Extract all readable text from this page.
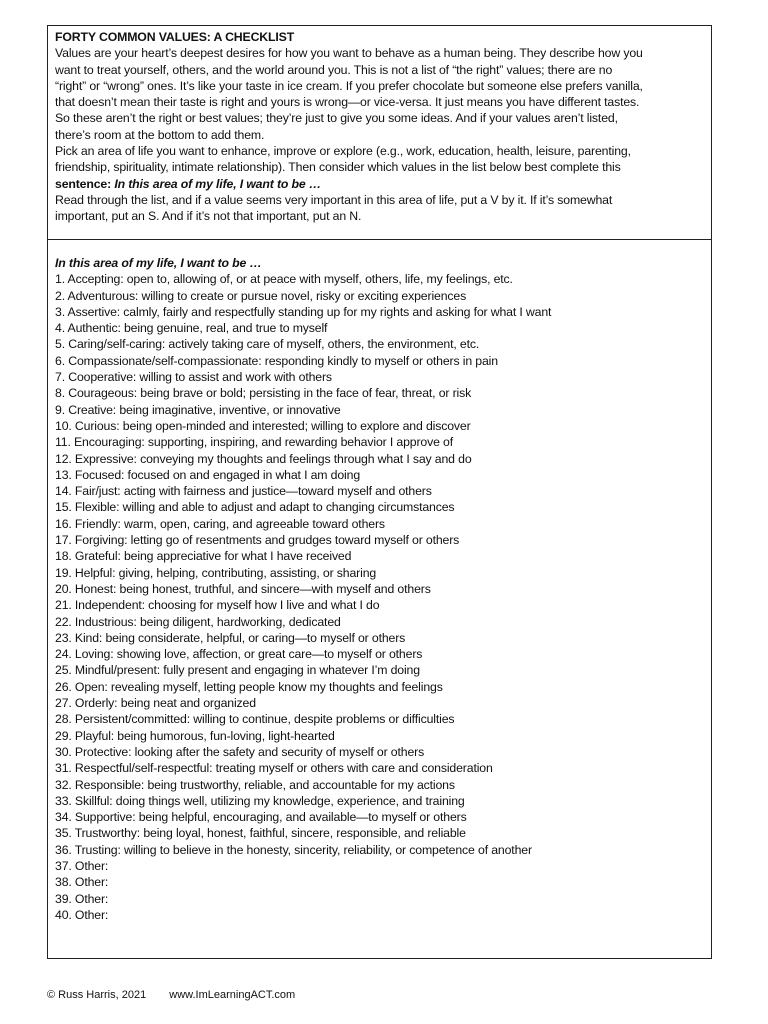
FORTY COMMON VALUES: A CHECKLIST
Values are your heart’s deepest desires for how you want to behave as a human being. They describe how you
want to treat yourself, others, and the world around you. This is not a list of “the right” values; there are no
“right” or “wrong” ones. It’s like your taste in ice cream. If you prefer chocolate but someone else prefers vanilla,
that doesn’t mean their taste is right and yours is wrong—or vice-versa. It just means you have different tastes.
So these aren’t the right or best values; they’re just to give you some ideas. And if your values aren’t listed,
there’s room at the bottom to add them.
Pick an area of life you want to enhance, improve or explore (e.g., work, education, health, leisure, parenting,
friendship, spirituality, intimate relationship). Then consider which values in the list below best complete this
sentence: In this area of my life, I want to be …
Read through the list, and if a value seems very important in this area of life, put a V by it. If it’s somewhat
important, put an S. And if it’s not that important, put an N.
In this area of my life, I want to be …
1. Accepting: open to, allowing of, or at peace with myself, others, life, my feelings, etc.
2. Adventurous: willing to create or pursue novel, risky or exciting experiences
3. Assertive: calmly, fairly and respectfully standing up for my rights and asking for what I want
4. Authentic: being genuine, real, and true to myself
5. Caring/self-caring: actively taking care of myself, others, the environment, etc.
6. Compassionate/self-compassionate: responding kindly to myself or others in pain
7. Cooperative: willing to assist and work with others
8. Courageous: being brave or bold; persisting in the face of fear, threat, or risk
9. Creative: being imaginative, inventive, or innovative
10. Curious: being open-minded and interested; willing to explore and discover
11. Encouraging: supporting, inspiring, and rewarding behavior I approve of
12. Expressive: conveying my thoughts and feelings through what I say and do
13. Focused: focused on and engaged in what I am doing
14. Fair/just: acting with fairness and justice—toward myself and others
15. Flexible: willing and able to adjust and adapt to changing circumstances
16. Friendly: warm, open, caring, and agreeable toward others
17. Forgiving: letting go of resentments and grudges toward myself or others
18. Grateful: being appreciative for what I have received
19. Helpful: giving, helping, contributing, assisting, or sharing
20. Honest: being honest, truthful, and sincere—with myself and others
21. Independent: choosing for myself how I live and what I do
22. Industrious: being diligent, hardworking, dedicated
23. Kind: being considerate, helpful, or caring—to myself or others
24. Loving: showing love, affection, or great care—to myself or others
25. Mindful/present: fully present and engaging in whatever I’m doing
26. Open: revealing myself, letting people know my thoughts and feelings
27. Orderly: being neat and organized
28. Persistent/committed: willing to continue, despite problems or difficulties
29. Playful: being humorous, fun-loving, light-hearted
30. Protective: looking after the safety and security of myself or others
31. Respectful/self-respectful: treating myself or others with care and consideration
32. Responsible: being trustworthy, reliable, and accountable for my actions
33. Skillful: doing things well, utilizing my knowledge, experience, and training
34. Supportive: being helpful, encouraging, and available—to myself or others
35. Trustworthy: being loyal, honest, faithful, sincere, responsible, and reliable
36. Trusting: willing to believe in the honesty, sincerity, reliability, or competence of another
37. Other:
38. Other:
39. Other:
40. Other:
© Russ Harris, 2021 www.ImLearningACT.com
